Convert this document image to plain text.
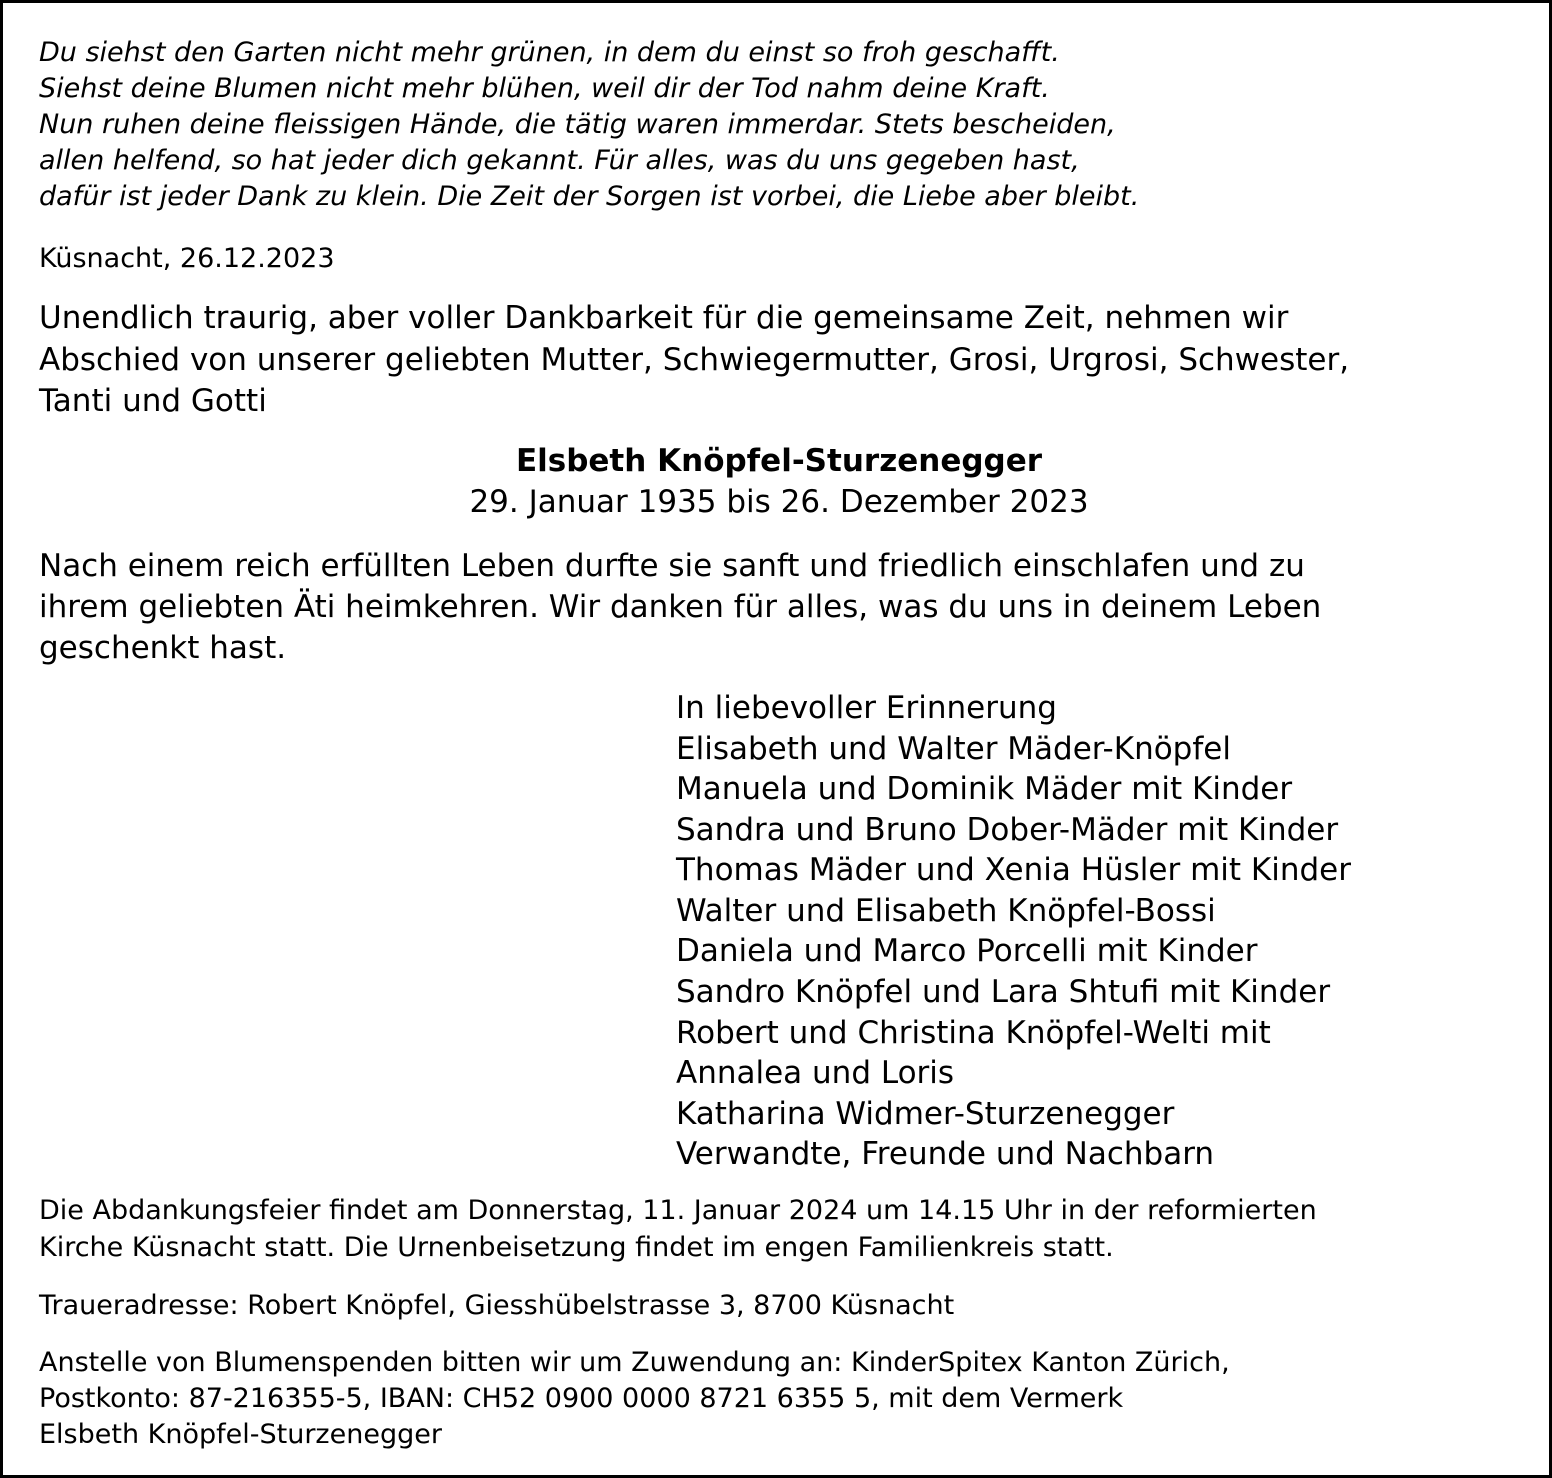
Du siehst den Garten nicht mehr grünen, in dem du einst so froh geschafft.

Siehst deine Blumen nicht mehr blühen, weil dir der Tod nahm deine Kraft.

Nun ruhen deine fleissigen Hände, die tätig waren immerdar. Stets bescheiden,

allen helfend, so hat jeder dich gekannt. Für alles, was du uns gegeben hast,

dafür ist jeder Dank zu klein. Die Zeit der Sorgen ist vorbei, die Liebe aber bleibt.

Küsnacht, 26.12.2023

Unendlich traurig, aber voller Dankbarkeit für die gemeinsame Zeit, nehmen wir

Abschied von unserer geliebten Mutter, Schwiegermutter, Grosi, Urgrosi, Schwester,

Tanti und Gotti

Elsbeth Knöpfel-Sturzenegger

29. Januar 1935 bis 26. Dezember 2023

Nach einem reich erfüllten Leben durfte sie sanft und friedlich einschlafen und zu

ihrem geliebten Äti heimkehren. Wir danken für alles, was du uns in deinem Leben

geschenkt hast.

In liebevoller Erinnerung

Elisabeth und Walter Mäder-Knöpfel

Manuela und Dominik Mäder mit Kinder

Sandra und Bruno Dober-Mäder mit Kinder

Thomas Mäder und Xenia Hüsler mit Kinder

Walter und Elisabeth Knöpfel-Bossi

Daniela und Marco Porcelli mit Kinder

Sandro Knöpfel und Lara Shtufi mit Kinder

Robert und Christina Knöpfel-Welti mit

Annalea und Loris

Katharina Widmer-Sturzenegger

Verwandte, Freunde und Nachbarn

Die Abdankungsfeier findet am Donnerstag, 11. Januar 2024 um 14.15 Uhr in der reformierten

Kirche Küsnacht statt. Die Urnenbeisetzung findet im engen Familienkreis statt.

Traueradresse: Robert Knöpfel, Giesshübelstrasse 3, 8700 Küsnacht

Anstelle von Blumenspenden bitten wir um Zuwendung an: KinderSpitex Kanton Zürich,

Postkonto: 87-216355-5, IBAN: CH52 0900 0000 8721 6355 5, mit dem Vermerk

Elsbeth Knöpfel-Sturzenegger
